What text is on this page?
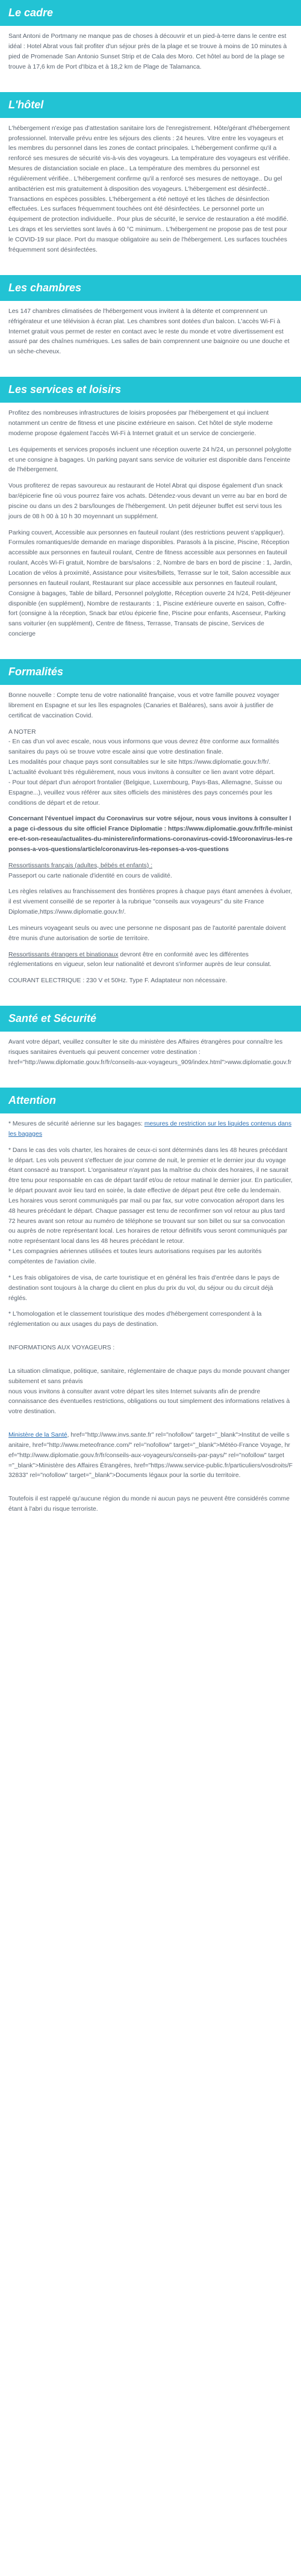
Le cadre

Sant Antoni de Portmany ne manque pas de choses à découvrir et un pied-à-terre dans le centre est idéal : Hotel Abrat vous fait profiter d'un séjour près de la plage et se trouve à moins de 10 minutes à pied de Promenade San Antonio Sunset Strip et de Cala des Moro. Cet hôtel au bord de la plage se trouve à 17,6 km de Port d'Ibiza et à 18,2 km de Plage de Talamanca.

L'hôtel

L'hébergement n'exige pas d'attestation sanitaire lors de l'enregistrement. Hôte/gérant d'hébergement professionnel. Intervalle prévu entre les séjours des clients : 24 heures. Vitre entre les voyageurs et les membres du personnel dans les zones de contact principales. L'hébergement confirme qu'il a renforcé ses mesures de sécurité vis-à-vis des voyageurs. La température des voyageurs est vérifiée. Mesures de distanciation sociale en place.. La température des membres du personnel est régulièrement vérifiée.. L'hébergement confirme qu'il a renforcé ses mesures de nettoyage.. Du gel antibactérien est mis gratuitement à disposition des voyageurs. L'hébergement est désinfecté.. Transactions en espèces possibles. L'hébergement a été nettoyé et les tâches de désinfection effectuées. Les surfaces fréquemment touchées ont été désinfectées. Le personnel porte un équipement de protection individuelle.. Pour plus de sécurité, le service de restauration a été modifié. Les draps et les serviettes sont lavés à 60 °C minimum.. L'hébergement ne propose pas de test pour le COVID-19 sur place. Port du masque obligatoire au sein de l'hébergement. Les surfaces touchées fréquemment sont désinfectées.

Les chambres

Les 147 chambres climatisées de l'hébergement vous invitent à la détente et comprennent un réfrigérateur et une télévision à écran plat. Les chambres sont dotées d'un balcon. L'accès Wi-Fi à Internet gratuit vous permet de rester en contact avec le reste du monde et votre divertissement est assuré par des chaînes numériques. Les salles de bain comprennent une baignoire ou une douche et un sèche-cheveux.

Les services et loisirs

Profitez des nombreuses infrastructures de loisirs proposées par l'hébergement et qui incluent notamment un centre de fitness et une piscine extérieure en saison. Cet hôtel de style moderne moderne propose également l'accès Wi-Fi à Internet gratuit et un service de conciergerie.

Les équipements et services proposés incluent une réception ouverte 24 h/24, un personnel polyglotte et une consigne à bagages. Un parking payant sans service de voiturier est disponible dans l'enceinte de l'hébergement.

Vous profiterez de repas savoureux au restaurant de Hotel Abrat qui dispose également d'un snack bar/épicerie fine où vous pourrez faire vos achats. Détendez-vous devant un verre au bar en bord de piscine ou dans un des 2 bars/lounges de l'hébergement. Un petit déjeuner buffet est servi tous les jours de 08 h 00 à 10 h 30 moyennant un supplément.

Parking couvert, Accessible aux personnes en fauteuil roulant (des restrictions peuvent s'appliquer). Formules romantiques/de demande en mariage disponibles. Parasols à la piscine, Piscine, Réception accessible aux personnes en fauteuil roulant, Centre de fitness accessible aux personnes en fauteuil roulant, Accès Wi-Fi gratuit, Nombre de bars/salons : 2, Nombre de bars en bord de piscine : 1, Jardin, Location de vélos à proximité, Assistance pour visites/billets, Terrasse sur le toit, Salon accessible aux personnes en fauteuil roulant, Restaurant sur place accessible aux personnes en fauteuil roulant, Consigne à bagages, Table de billard, Personnel polyglotte, Réception ouverte 24 h/24, Petit-déjeuner disponible (en supplément), Nombre de restaurants : 1, Piscine extérieure ouverte en saison, Coffre-fort (consigne à la réception, Snack bar et/ou épicerie fine, Piscine pour enfants, Ascenseur, Parking sans voiturier (en supplément), Centre de fitness, Terrasse, Transats de piscine, Services de concierge

Formalités

Bonne nouvelle : Compte tenu de votre nationalité française, vous et votre famille pouvez voyager librement en Espagne et sur les îles espagnoles (Canaries et Baléares), sans avoir à justifier de certificat de vaccination Covid.

A NOTER
- En cas d'un vol avec escale, nous vous informons que vous devrez être conforme aux formalités sanitaires du pays où se trouve votre escale ainsi que votre destination finale.
Les modalités pour chaque pays sont consultables sur le site https://www.diplomatie.gouv.fr/fr/. L'actualité évoluant très régulièrement, nous vous invitons à consulter ce lien avant votre départ.
- Pour tout départ d'un aéroport frontalier (Belgique, Luxembourg, Pays-Bas, Allemagne, Suisse ou Espagne...), veuillez vous référer aux sites officiels des ministères des pays concernés pour les conditions de départ et de retour.

Concernant l'éventuel impact du Coronavirus sur votre séjour, nous vous invitons à consulter la page ci-dessous du site officiel France Diplomatie : https://www.diplomatie.gouv.fr/fr/le-ministere-et-son-reseau/actualites-du-ministere/informations-coronavirus-covid-19/coronavirus-les-reponses-a-vos-questions/article/coronavirus-les-reponses-a-vos-questions

Ressortissants français (adultes, bébés et enfants) :
Passeport ou carte nationale d'identité en cours de validité.

Les règles relatives au franchissement des frontières propres à chaque pays étant amenées à évoluer, il est vivement conseillé de se reporter à la rubrique "conseils aux voyageurs" du site France Diplomatie,https://www.diplomatie.gouv.fr/.

Les mineurs voyageant seuls ou avec une personne ne disposant pas de l'autorité parentale doivent être munis d'une autorisation de sortie de territoire.

Ressortissants étrangers et binationaux devront être en conformité avec les différentes réglementations en vigueur, selon leur nationalité et devront s'informer auprès de leur consulat.

COURANT ELECTRIQUE : 230 V et 50Hz. Type F. Adaptateur non nécessaire.

Santé et Sécurité

Avant votre départ, veuillez consulter le site du ministère des Affaires étrangères pour connaître les risques sanitaires éventuels qui peuvent concerner votre destination : href="http://www.diplomatie.gouv.fr/fr/conseils-aux-voyageurs_909/index.html">www.diplomatie.gouv.fr

Attention

* Mesures de sécurité aérienne sur les bagages: mesures de restriction sur les liquides contenus dans les bagages

* Dans le cas des vols charter, les horaires de ceux-ci sont déterminés dans les 48 heures précédant le départ. Les vols peuvent s'effectuer de jour comme de nuit, le premier et le dernier jour du voyage étant consacré au transport. L'organisateur n'ayant pas la maîtrise du choix des horaires, il ne saurait être tenu pour responsable en cas de départ tardif et/ou de retour matinal le dernier jour. En particulier, le départ pouvant avoir lieu tard en soirée, la date effective de départ peut être celle du lendemain. Les horaires vous seront communiqués par mail ou par fax, sur votre convocation aéroport dans les 48 heures précédant le départ. Chaque passager est tenu de reconfirmer son vol retour au plus tard 72 heures avant son retour au numéro de téléphone se trouvant sur son billet ou sur sa convocation ou auprès de notre représentant local. Les horaires de retour définitifs vous seront communiqués par notre représentant local dans les 48 heures précédant le retour.
* Les compagnies aériennes utilisées et toutes leurs autorisations requises par les autorités compétentes de l'aviation civile.

* Les frais obligatoires de visa, de carte touristique et en général les frais d'entrée dans le pays de destination sont toujours à la charge du client en plus du prix du vol, du séjour ou du circuit déjà réglés.

* L'homologation et le classement touristique des modes d'hébergement correspondent à la réglementation ou aux usages du pays de destination.

INFORMATIONS AUX VOYAGEURS :

La situation climatique, politique, sanitaire, réglementaire de chaque pays du monde pouvant changer subitement et sans préavis
nous vous invitons à consulter avant votre départ les sites Internet suivants afin de prendre connaissance des éventuelles restrictions, obligations ou tout simplement des informations relatives à votre destination.

Ministère de la Santé, href="http://www.invs.sante.fr" rel="nofollow" target="_blank">Institut de veille sanitaire, href="http://www.meteofrance.com/" rel="nofollow" target="_blank">Météo-France Voyage, href="http://www.diplomatie.gouv.fr/fr/conseils-aux-voyageurs/conseils-par-pays/" rel="nofollow" target="_blank">Ministère des Affaires Étrangères, href="https://www.service-public.fr/particuliers/vosdroits/F32833" rel="nofollow" target="_blank">Documents légaux pour la sortie du territoire.

Toutefois il est rappelé qu'aucune région du monde ni aucun pays ne peuvent être considérés comme étant à l'abri du risque terroriste.
